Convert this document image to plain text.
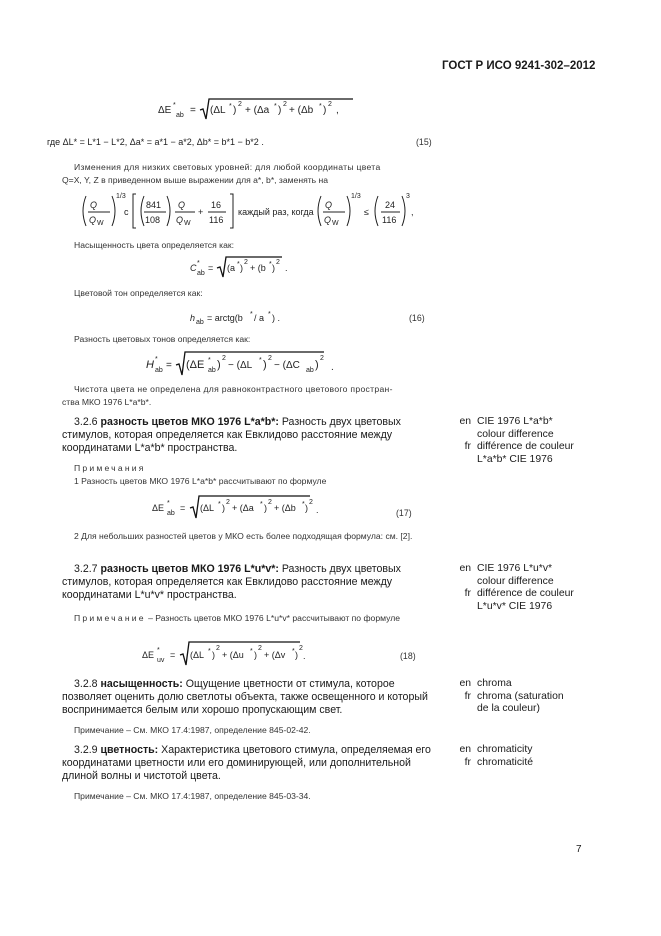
ГОСТ Р ИСО 9241-302–2012
ΔE *
ab = (ΔL * )
2
+ (Δa * )
2
+ (Δb * )
2
,
где ΔL* = L*1 − L*2, Δa* = a*1 − a*2, Δb* = b*1 − b*2 .	(15)
Изменения для низких световых уровней: для любой координаты цвета
Q=X, Y, Z в приведенном выше выражении для a*, b*, заменять на
Q
Q W
1/3
с
841
108
Q
Q W
+
16
116
каждый раз, когда
Q
Q W
1/3
≤
24
116
3
,
Насыщенность цвета определяется как:
C *
ab
= (a * )
2
+ (b * )
2
.
Цветовой тон определяется как:
h ab = arctg(b * / a * ) .	(16)
Разность цветовых тонов определяется как:
H *
ab = (ΔE *
ab )
2
− (ΔL * )
2
− (ΔC ab )
2
.
Чистота цвета не определена для равноконтрастного цветового простран-
ства МКО 1976 L*a*b*.
3.2.6 разность цветов МКО 1976 L*a*b*: Разность двух цветовых стимулов, которая определяется как Евклидово расстояние между координатами L*a*b* пространства.
en CIE 1976 L*a*b*
colour difference
fr différence de couleur
L*a*b* CIE 1976
Примечания
1 Разность цветов МКО 1976 L*a*b* рассчитывают по формуле
ΔE *
ab
= (ΔL * )
2
+ (Δa * )
2
+ (Δb * )
2
.	(17)
2 Для небольших разностей цветов у МКО есть более подходящая формула: см. [2].
3.2.7 разность цветов МКО 1976 L*u*v*: Разность двух цветовых стимулов, которая определяется как Евклидово расстояние между координатами L*u*v* пространства.
en CIE 1976 L*u*v*
colour difference
fr différence de couleur
L*u*v* CIE 1976
Примечание – Разность цветов МКО 1976 L*u*v* рассчитывают по формуле
ΔE *
uv
= (ΔL * )
2
+ (Δu * )
2
+ (Δv * )
2
.	(18)
3.2.8 насыщенность: Ощущение цветности от стимула, которое позволяет оценить долю светлоты объекта, также освещенного и который воспринимается белым или хорошо пропускающим свет.
en chroma
fr chroma (saturation
de la couleur)
Примечание – См. МКО 17.4:1987, определение 845-02-42.
3.2.9 цветность: Характеристика цветового стимула, определяемая его координатами цветности или его доминирующей, или дополнительной длиной волны и чистотой цвета.
en chromaticity
fr chromaticité
Примечание – См. МКО 17.4:1987, определение 845-03-34.
7
